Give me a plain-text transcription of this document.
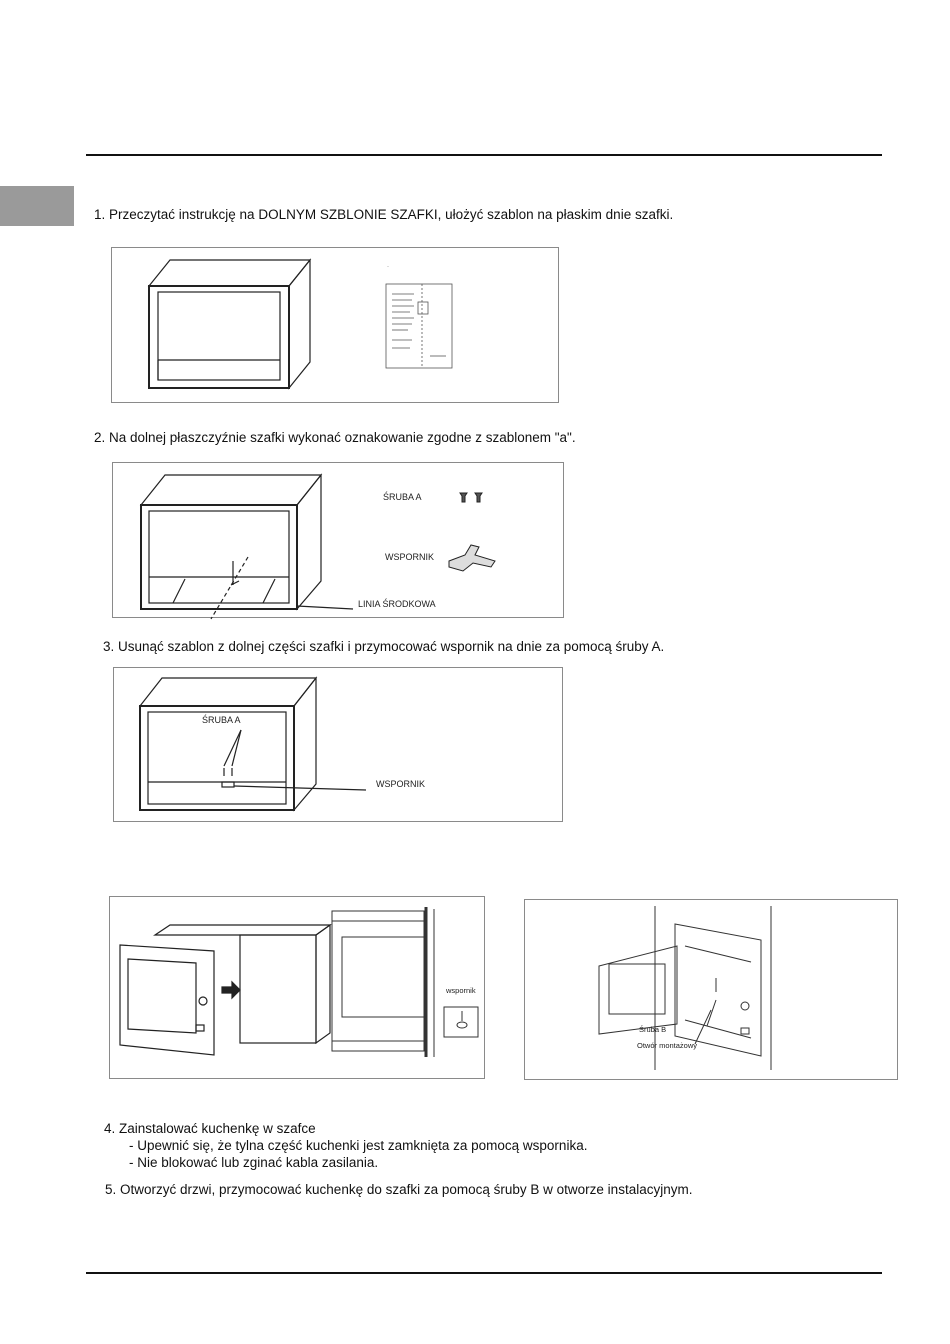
1. Przeczytać instrukcję na DOLNYM SZBLONIE SZAFKI, ułożyć szablon na płaskim dnie szafki.
2. Na dolnej płaszczyźnie szafki wykonać oznakowanie zgodne z szablonem "a".
ŚRUBA A
WSPORNIK
LINIA ŚRODKOWA
3. Usunąć szablon z dolnej części szafki i przymocować wspornik na dnie za pomocą śruby A.
ŚRUBA A
WSPORNIK
wspornik
Śruba B
Otwór montażowy
4. Zainstalować kuchenkę w szafce
- Upewnić się, że tylna część kuchenki jest zamknięta za pomocą wspornika.
- Nie blokować lub zginać kabla zasilania.
5. Otworzyć drzwi, przymocować kuchenkę do szafki za pomocą śruby B w otworze instalacyjnym.
